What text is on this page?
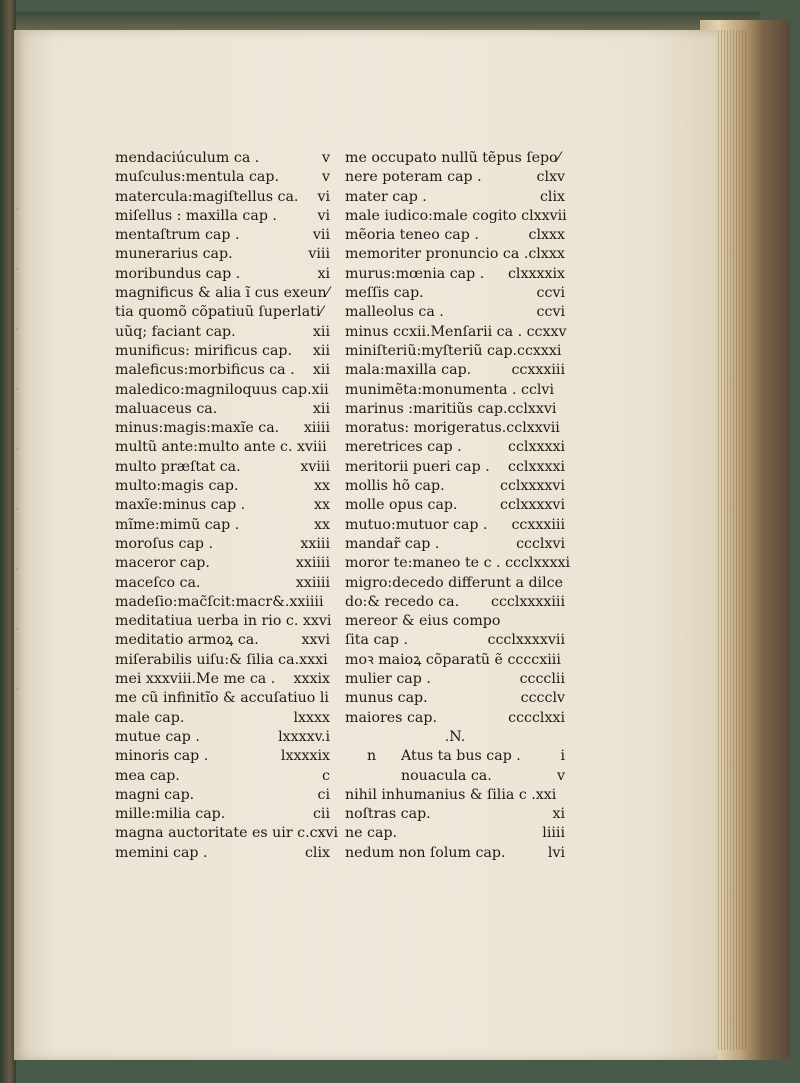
·
·
·
·
·
·
·
·
·
mendaciúculum ca .	v
muſculus:mentula cap.	v
matercula:magiſtellus ca. vi
miſellus : maxilla cap .	vi
mentaſtrum cap .	vii
munerarius cap.	viii
moribundus cap .	xi
magnificus & alia ĩ cus exeun⁄
tia quomõ cõpatiuũ ſuperlati⁄
uũq; faciant cap.	xii
munificus: mirificus cap. xii
maleficus:morbificus ca . xii
maledico:magniloquus cap.xii
maluaceus ca.	xii
minus:magis:maxĩe ca. xiiii
multũ ante:multo ante c. xviii
multo præſtat ca.	xviii
multo:magis cap.	xx
maxĩe:minus cap .	xx
mĩme:mimũ cap .	xx
moroſus cap .	xxiii
maceror cap.	xxiiii
maceſco ca.	xxiiii
madeſio:mac̃ſcit:macr&.xxiiii
meditatiua uerba in rio c. xxvi
meditatio armoꝝ ca.	xxvi
miſerabilis uiſu:& ſilia ca.xxxi
mei xxxviii.Me me ca . xxxix
me cũ infinitĩo & accuſatiuo li
male cap.	lxxxx
mutue cap .	lxxxxv.i
minoris cap .	lxxxxix
mea cap.	c
magni cap.	ci
mille:milia cap.	cii
magna auctoritate es uir c.cxvi
memini cap .	clix
me occupato nullũ tẽpus ſepo⁄
nere poteram cap .	clxv
mater cap .	clix
male iudico:male cogito clxxvii
mẽoria teneo cap .	clxxx
memoriter pronuncio ca .clxxx
murus:mœnia cap . clxxxxix
meſſis cap.	ccvi
malleolus ca .	ccvi
minus ccxii.Menſarii ca . ccxxv
miniſteriũ:myſteriũ cap.ccxxxi
mala:maxilla cap.	ccxxxiii
munimẽta:monumenta . cclvi
marinus :maritiũs cap.cclxxvi
moratus: morigeratus.cclxxvii
meretrices cap .	cclxxxxi
meritorii pueri cap . cclxxxxi
mollis hõ cap.	cclxxxxvi
molle opus cap.	cclxxxxvi
mutuo:mutuor cap . ccxxxiii
mandar̃ cap .	ccclxvi
moror te:maneo te c . ccclxxxxi
migro:decedo differunt a dilce
do:& recedo ca. ccclxxxxiii
mereor & eius compo
ſita cap .	ccclxxxxvii
moꝛ maioꝝ cõparatũ ẽ ccccxiii
mulier cap .	cccclii
munus cap.	cccclv
maiores cap.	cccclxxi
.N.
n Atus ta bus cap .	i
nouacula ca.	v
nihil inhumanius & ſilia c .xxi
noſtras cap.	xi
ne cap.	liiii
nedum non ſolum cap.	lvi
